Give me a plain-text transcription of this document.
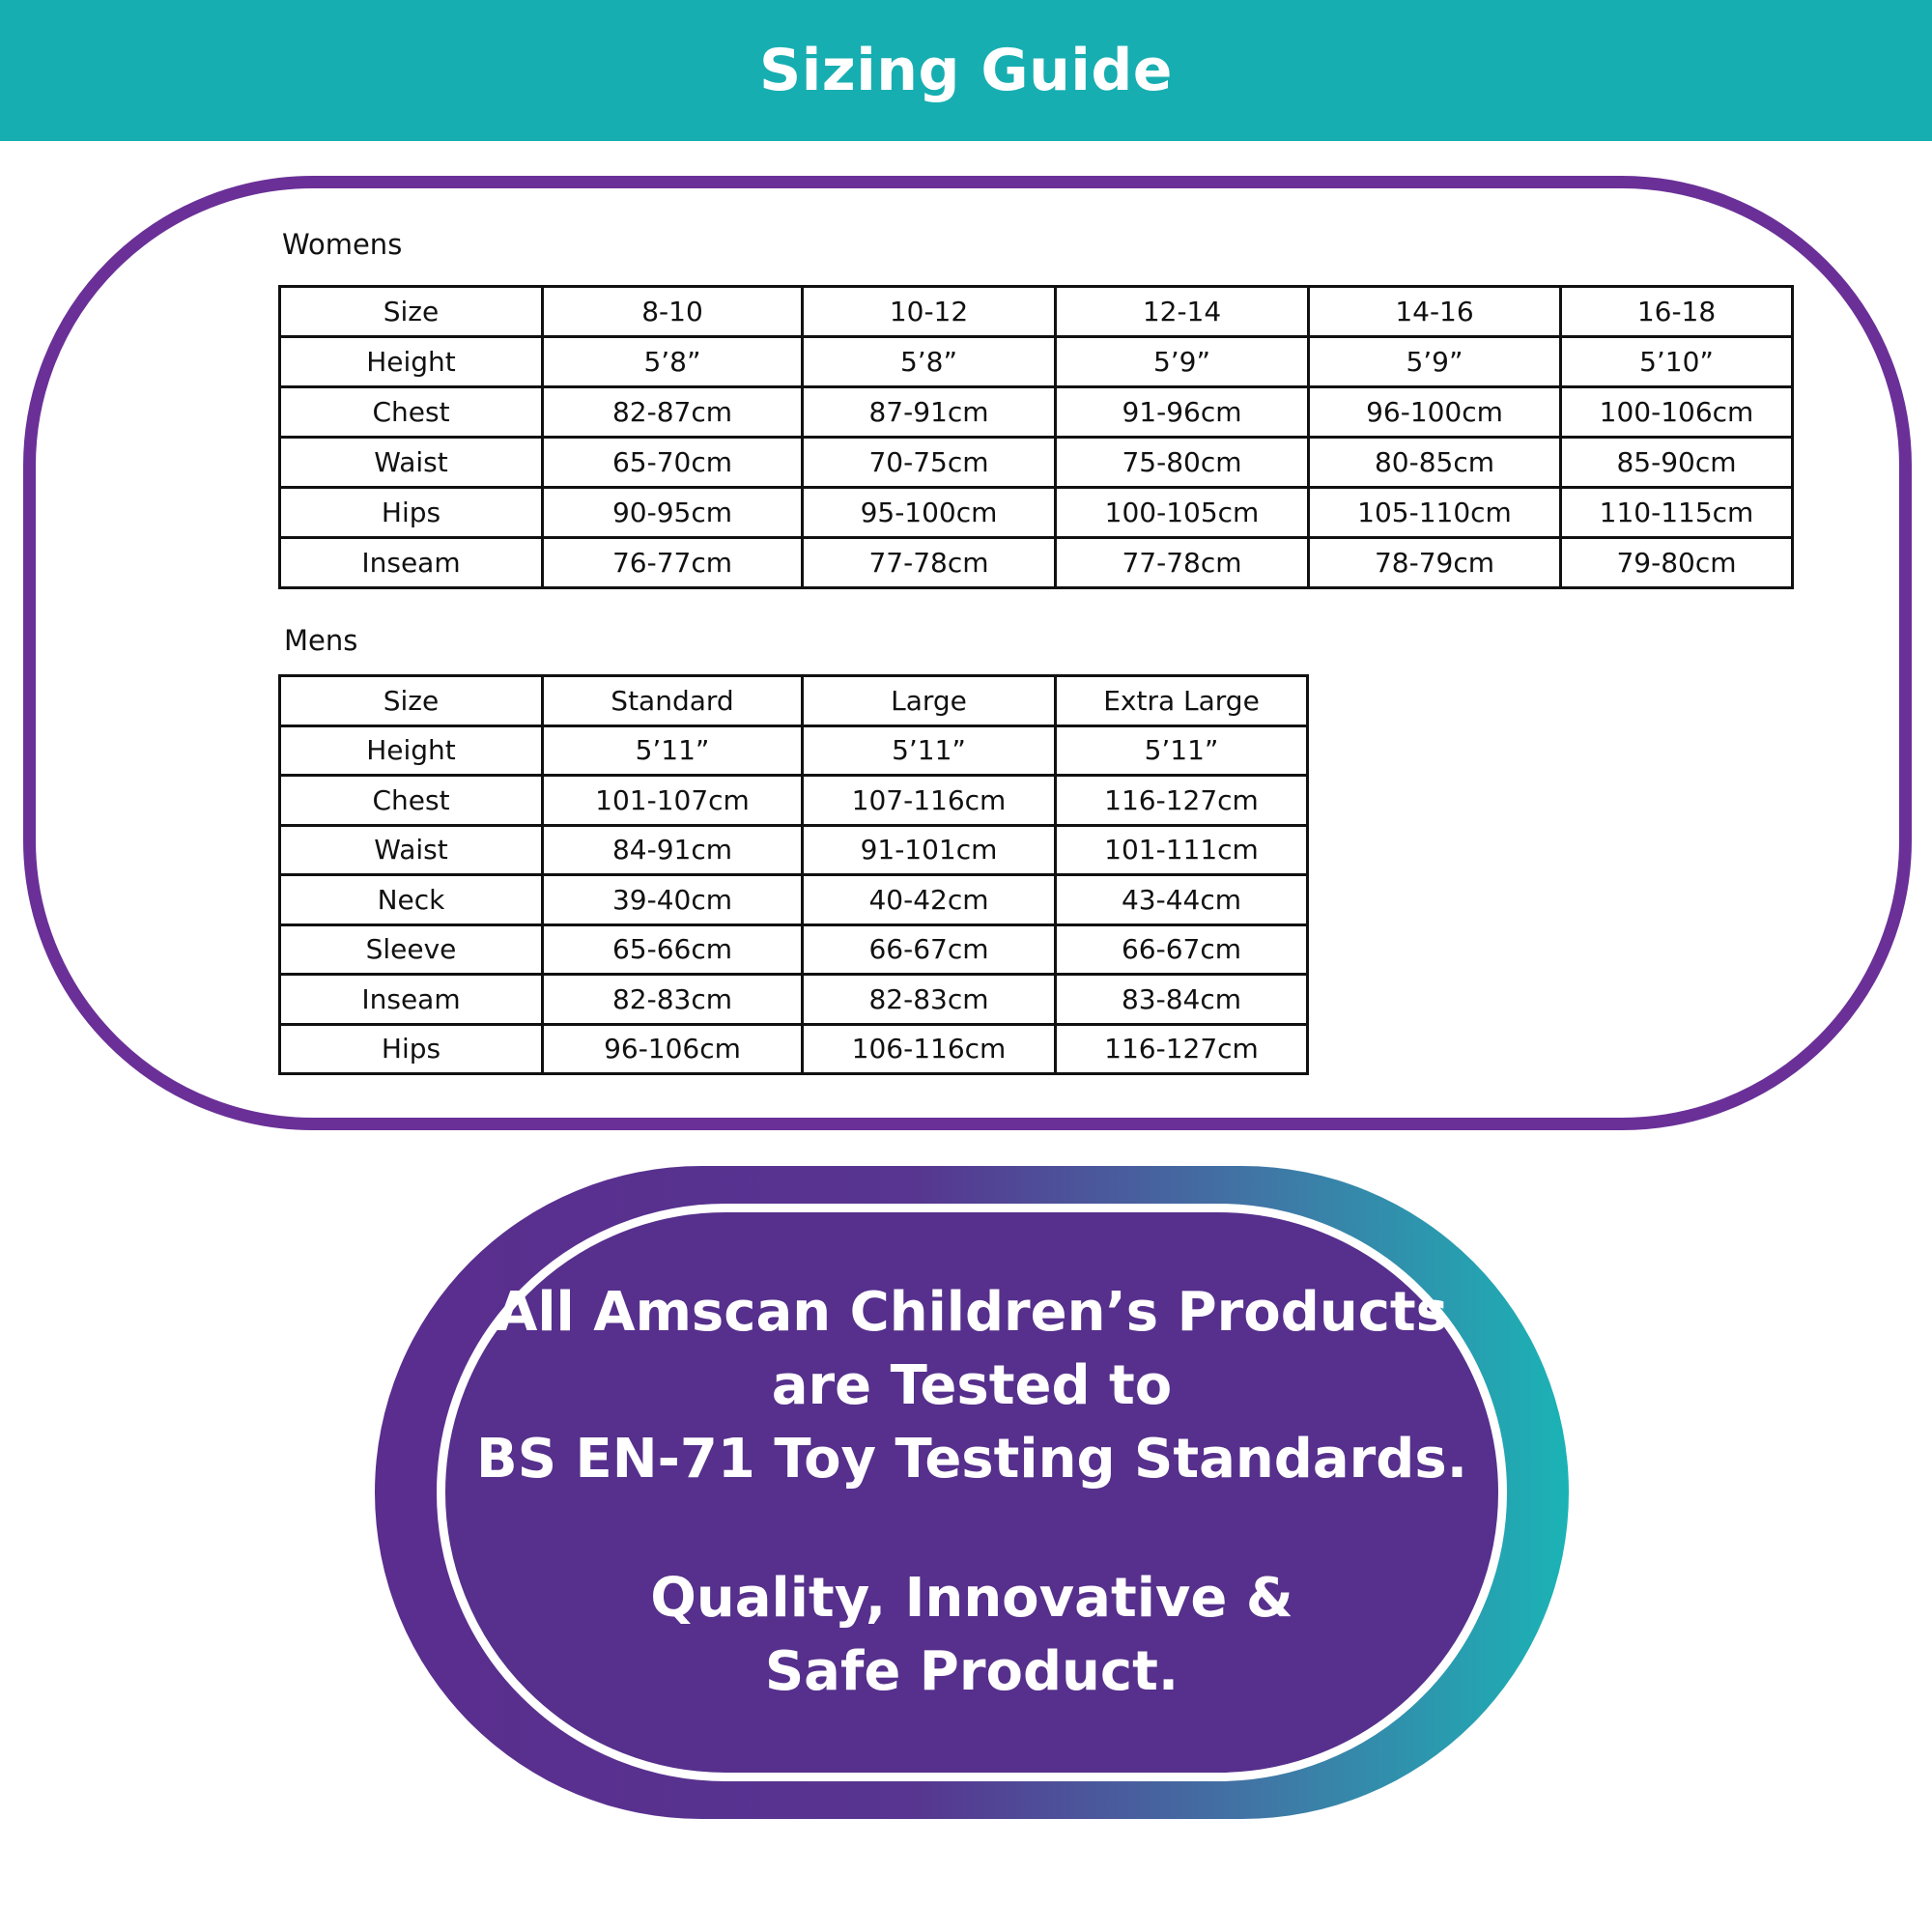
Sizing Guide
Womens
Size	8-10	10-12	12-14	14-16	16-18
Height	5’8”	5’8”	5’9”	5’9”	5’10”
Chest	82-87cm	87-91cm	91-96cm	96-100cm	100-106cm
Waist	65-70cm	70-75cm	75-80cm	80-85cm	85-90cm
Hips	90-95cm	95-100cm	100-105cm	105-110cm	110-115cm
Inseam	76-77cm	77-78cm	77-78cm	78-79cm	79-80cm
Mens
Size	Standard	Large	Extra Large
Height	5’11”	5’11”	5’11”
Chest	101-107cm	107-116cm	116-127cm
Waist	84-91cm	91-101cm	101-111cm
Neck	39-40cm	40-42cm	43-44cm
Sleeve	65-66cm	66-67cm	66-67cm
Inseam	82-83cm	82-83cm	83-84cm
Hips	96-106cm	106-116cm	116-127cm
All Amscan Children’s Products
are Tested to
BS EN-71 Toy Testing Standards.
Quality, Innovative &
Safe Product.
